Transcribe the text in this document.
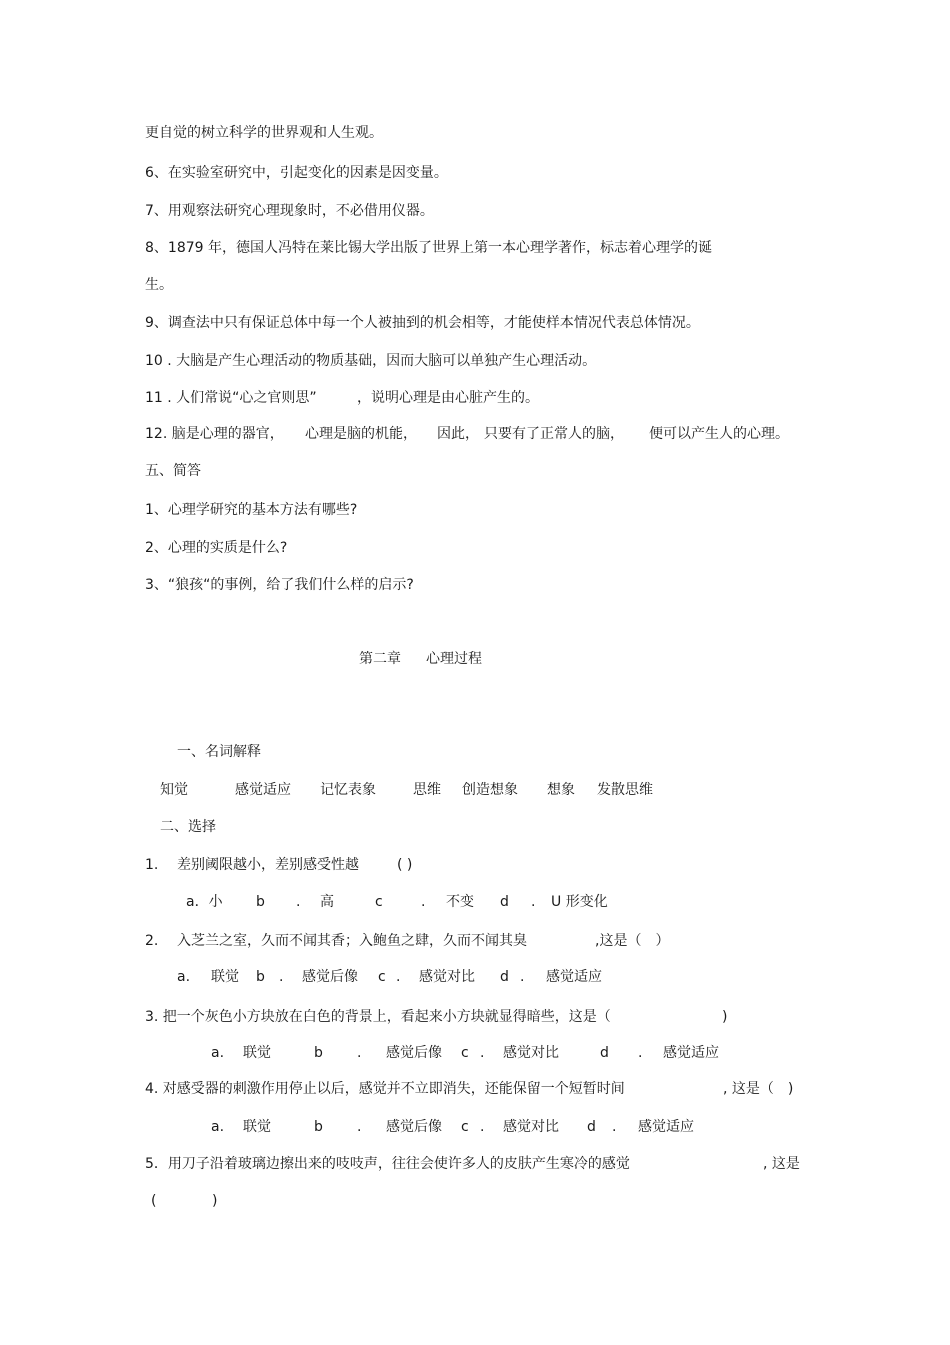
更自觉的树立科学的世界观和人生观。
6、在实验室研究中，引起变化的因素是因变量。
7、用观察法研究心理现象时，不必借用仪器。
8、1879 年，德国人冯特在莱比锡大学出版了世界上第一本心理学著作，标志着心理学的诞
生。
9、调查法中只有保证总体中每一个人被抽到的机会相等，才能使样本情况代表总体情况。
10 . 大脑是产生心理活动的物质基础，因而大脑可以单独产生心理活动。
11 . 人们常说“心之官则思”	，说明心理是由心脏产生的。
12. 脑是心理的器官， 心理是脑的机能， 因此， 只要有了正常人的脑， 便可以产生人的心理。
五、简答
1、心理学研究的基本方法有哪些?
2、心理的实质是什么?
3、“狼孩“的事例，给了我们什么样的启示?
第二章 心理过程
一、名词解释
知觉	感觉适应 记忆表象	思维 创造想象 想象 发散思维
二、选择
1. 差别阈限越小，差别感受性越	( )
a．小 b . 高	c	. 不变 d . U 形变化
2. 入芝兰之室，久而不闻其香；入鲍鱼之肆，久而不闻其臭	,这是（　）
a. 联觉 b . 感觉后像 c . 感觉对比 d . 感觉适应
3. 把一个灰色小方块放在白色的背景上，看起来小方块就显得暗些，这是（	)
a. 联觉	b . 感觉后像 c . 感觉对比	d . 感觉适应
4. 对感受器的刺激作用停止以后，感觉并不立即消失，还能保留一个短暂时间	, 这是（　)
a. 联觉	b . 感觉后像 c . 感觉对比 d . 感觉适应
5．用刀子沿着玻璃边擦出来的吱吱声，往往会使许多人的皮肤产生寒冷的感觉	, 这是
(	)
